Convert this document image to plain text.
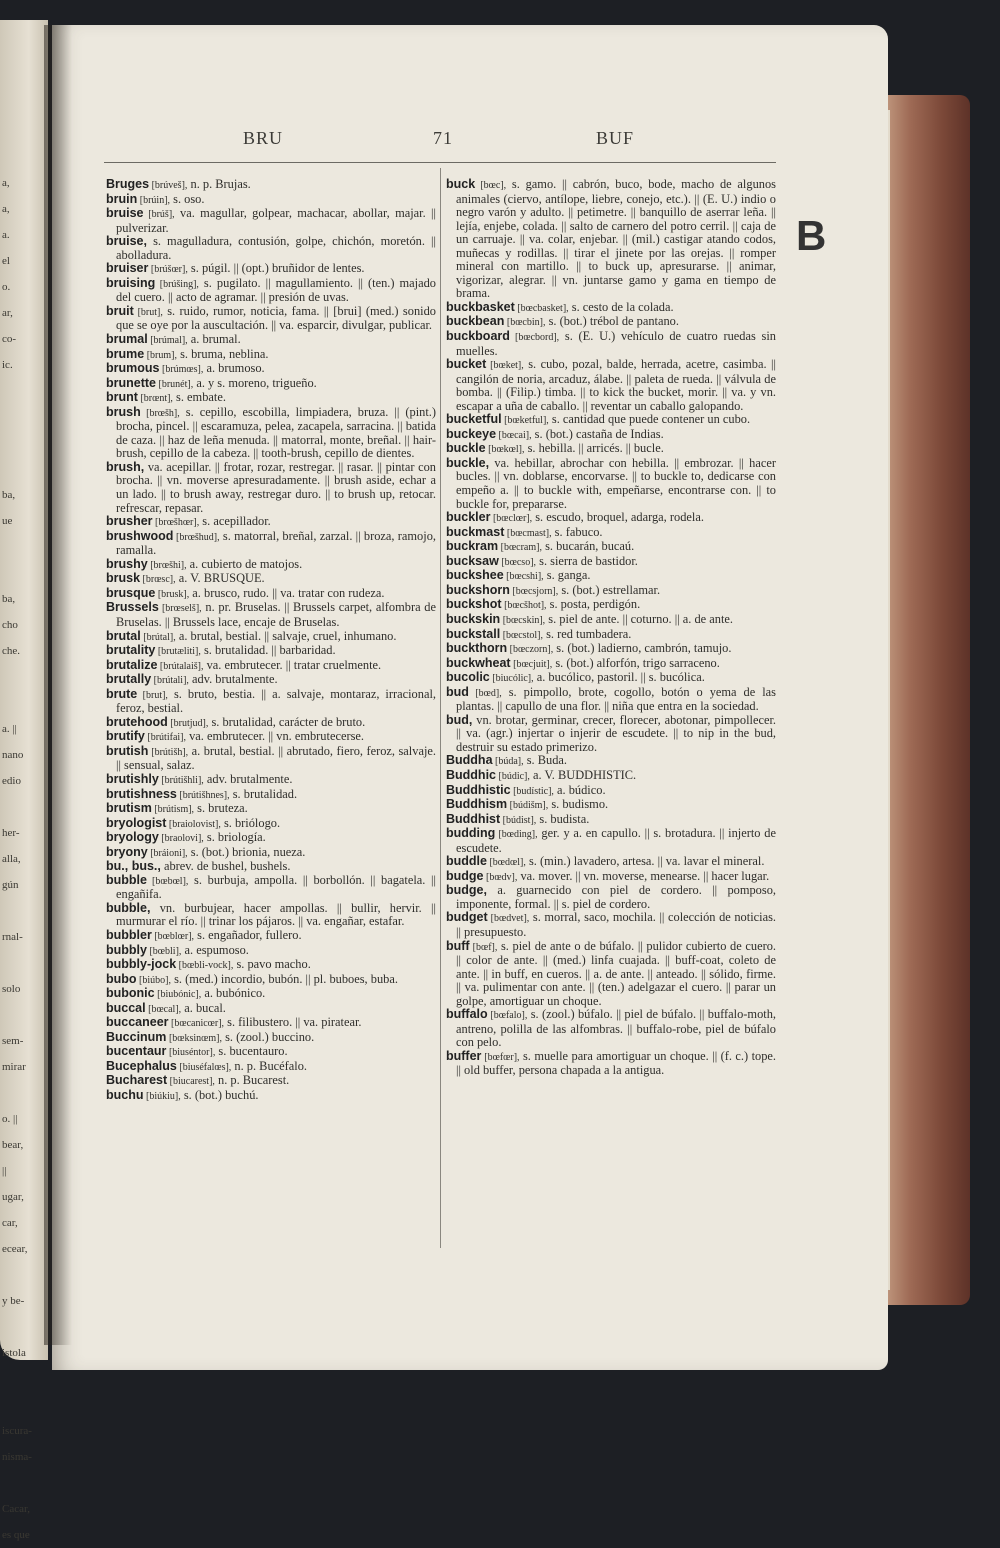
a,
a,
a.
el
o.
ar,
co-
ic.

ba,
ue

ba,
cho
che.

a. ||
nano
edio

her-
alla,
gún

rnal-

solo

sem-
mirar

o. ||
bear,
||
ugar,
car,
ecear,

y be-

istola

iscura-
nisma-

Cacar,
es que
BRU	71	BUF
B
Bruges [brúveš], n. p. Brujas.
bruin [brúin], s. oso.
bruise [brúš], va. magullar, golpear, machacar, abollar, majar. || pulverizar.
bruise, s. magulladura, contusión, golpe, chichón, moretón. || abolladura.
bruiser [brúšœr], s. púgil. || (opt.) bruñidor de lentes.
bruising [brúšing], s. pugilato. || magullamiento. || (ten.) majado del cuero. || acto de agramar. || presión de uvas.
bruit [brut], s. ruido, rumor, noticia, fama. || [brui] (med.) sonido que se oye por la auscultación. || va. esparcir, divulgar, publicar.
brumal [brúmal], a. brumal.
brume [brum], s. bruma, neblina.
brumous [brúmœs], a. brumoso.
brunette [brunét], a. y s. moreno, trigueño.
brunt [brœnt], s. embate.
brush [brœšh], s. cepillo, escobilla, limpiadera, bruza. || (pint.) brocha, pincel. || escaramuza, pelea, zacapela, sarracina. || batida de caza. || haz de leña menuda. || matorral, monte, breñal. || hair-brush, cepillo de la cabeza. || tooth-brush, cepillo de dientes.
brush, va. acepillar. || frotar, rozar, restregar. || rasar. || pintar con brocha. || vn. moverse apresuradamente. || brush aside, echar a un lado. || to brush away, restregar duro. || to brush up, retocar. refrescar, repasar.
brusher [brœšhœr], s. acepillador.
brushwood [brœšhud], s. matorral, breñal, zarzal. || broza, ramojo, ramalla.
brushy [brœšhi], a. cubierto de matojos.
brusk [brœsc], a. V. BRUSQUE.
brusque [brusk], a. brusco, rudo. || va. tratar con rudeza.
Brussels [brœselš], n. pr. Bruselas. || Brussels carpet, alfombra de Bruselas. || Brussels lace, encaje de Bruselas.
brutal [brútal], a. brutal, bestial. || salvaje, cruel, inhumano.
brutality [brutæliti], s. brutalidad. || barbaridad.
brutalize [brútalaiš], va. embrutecer. || tratar cruelmente.
brutally [brútali], adv. brutalmente.
brute [brut], s. bruto, bestia. || a. salvaje, montaraz, irracional, feroz, bestial.
brutehood [brutjud], s. brutalidad, carácter de bruto.
brutify [brútifai], va. embrutecer. || vn. embrutecerse.
brutish [brútišh], a. brutal, bestial. || abrutado, fiero, feroz, salvaje. || sensual, salaz.
brutishly [brútišhli], adv. brutalmente.
brutishness [brútišhnes], s. brutalidad.
brutism [brútism], s. bruteza.
bryologist [braiolovist], s. briólogo.
bryology [braolovi], s. briología.
bryony [bráioni], s. (bot.) brionia, nueza.
bu., bus., abrev. de bushel, bushels.
bubble [bœbœl], s. burbuja, ampolla. || borbollón. || bagatela. || engañifa.
bubble, vn. burbujear, hacer ampollas. || bullir, hervir. || murmurar el río. || trinar los pájaros. || va. engañar, estafar.
bubbler [bœblœr], s. engañador, fullero.
bubbly [bœbli], a. espumoso.
bubbly-jock [bœbli-vock], s. pavo macho.
bubo [biúbo], s. (med.) incordio, bubón. || pl. buboes, buba.
bubonic [biubónic], a. bubónico.
buccal [bœcal], a. bucal.
buccaneer [bœcanicœr], s. filibustero. || va. piratear.
Buccinum [bœksinœm], s. (zool.) buccino.
bucentaur [biuséntor], s. bucentauro.
Bucephalus [biuséfalœs], n. p. Bucéfalo.
Bucharest [biucarest], n. p. Bucarest.
buchu [biúkiu], s. (bot.) buchú.
buck [bœc], s. gamo. || cabrón, buco, bode, macho de algunos animales (ciervo, antílope, liebre, conejo, etc.). || (E. U.) indio o negro varón y adulto. || petimetre. || banquillo de aserrar leña. || lejía, enjebe, colada. || salto de carnero del potro cerril. || caja de un carruaje. || va. colar, enjebar. || (mil.) castigar atando codos, muñecas y rodillas. || tirar el jinete por las orejas. || romper mineral con martillo. || to buck up, apresurarse. || animar, vigorizar, alegrar. || vn. juntarse gamo y gama en tiempo de brama.
buckbasket [bœcbasket], s. cesto de la colada.
buckbean [bœcbin], s. (bot.) trébol de pantano.
buckboard [bœcbord], s. (E. U.) vehículo de cuatro ruedas sin muelles.
bucket [bœket], s. cubo, pozal, balde, herrada, acetre, casimba. || cangilón de noria, arcaduz, álabe. || paleta de rueda. || válvula de bomba. || (Filip.) timba. || to kick the bucket, morir. || va. y vn. escapar a uña de caballo. || reventar un caballo galopando.
bucketful [bœketful], s. cantidad que puede contener un cubo.
buckeye [bœcai], s. (bot.) castaña de Indias.
buckle [bœkœl], s. hebilla. || arricés. || bucle.
buckle, va. hebillar, abrochar con hebilla. || embrozar. || hacer bucles. || vn. doblarse, encorvarse. || to buckle to, dedicarse con empeño a. || to buckle with, empeñarse, encontrarse con. || to buckle for, prepararse.
buckler [bœclœr], s. escudo, broquel, adarga, rodela.
buckmast [bœcmast], s. fabuco.
buckram [bœcram], s. bucarán, bucaú.
bucksaw [bœcso], s. sierra de bastidor.
buckshee [bœcshi], s. ganga.
buckshorn [bœcsjorn], s. (bot.) estrellamar.
buckshot [bœcšhot], s. posta, perdigón.
buckskin [bœcskin], s. piel de ante. || coturno. || a. de ante.
buckstall [bœcstol], s. red tumbadera.
buckthorn [bœczorn], s. (bot.) ladierno, cambrón, tamujo.
buckwheat [bœcjuit], s. (bot.) alforfón, trigo sarraceno.
bucolic [biucólic], a. bucólico, pastoril. || s. bucólica.
bud [bœd], s. pimpollo, brote, cogollo, botón o yema de las plantas. || capullo de una flor. || niña que entra en la sociedad.
bud, vn. brotar, germinar, crecer, florecer, abotonar, pimpollecer. || va. (agr.) injertar o injerir de escudete. || to nip in the bud, destruir su estado primerizo.
Buddha [búda], s. Buda.
Buddhic [búdic], a. V. BUDDHISTIC.
Buddhistic [budístic], a. búdico.
Buddhism [búdišm], s. budismo.
Buddhist [búdist], s. budista.
budding [bœding], ger. y a. en capullo. || s. brotadura. || injerto de escudete.
buddle [bœdœl], s. (min.) lavadero, artesa. || va. lavar el mineral.
budge [bœdv], va. mover. || vn. moverse, menearse. || hacer lugar.
budge, a. guarnecido con piel de cordero. || pomposo, imponente, formal. || s. piel de cordero.
budget [bœdvet], s. morral, saco, mochila. || colección de noticias. || presupuesto.
buff [bœf], s. piel de ante o de búfalo. || pulidor cubierto de cuero. || color de ante. || (med.) linfa cuajada. || buff-coat, coleto de ante. || in buff, en cueros. || a. de ante. || anteado. || sólido, firme. || va. pulimentar con ante. || (ten.) adelgazar el cuero. || parar un golpe, amortiguar un choque.
buffalo [bœfalo], s. (zool.) búfalo. || piel de búfalo. || buffalo-moth, antreno, polilla de las alfombras. || buffalo-robe, piel de búfalo con pelo.
buffer [bœfœr], s. muelle para amortiguar un choque. || (f. c.) tope. || old buffer, persona chapada a la antigua.
